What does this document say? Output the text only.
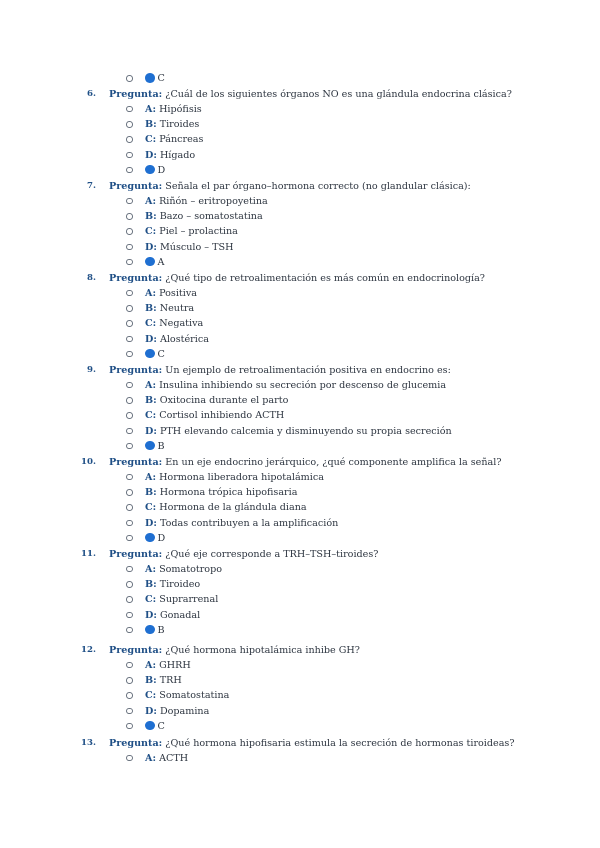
C
6. Pregunta: ¿Cuál de los siguientes órganos NO es una glándula endocrina clásica?
A: Hipófisis
B: Tiroides
C: Páncreas
D: Hígado
D
7. Pregunta: Señala el par órgano–hormona correcto (no glandular clásica):
A: Riñón – eritropoyetina
B: Bazo – somatostatina
C: Piel – prolactina
D: Músculo – TSH
A
8. Pregunta: ¿Qué tipo de retroalimentación es más común en endocrinología?
A: Positiva
B: Neutra
C: Negativa
D: Alostérica
C
9. Pregunta: Un ejemplo de retroalimentación positiva en endocrino es:
A: Insulina inhibiendo su secreción por descenso de glucemia
B: Oxitocina durante el parto
C: Cortisol inhibiendo ACTH
D: PTH elevando calcemia y disminuyendo su propia secreción
B
10. Pregunta: En un eje endocrino jerárquico, ¿qué componente amplifica la señal?
A: Hormona liberadora hipotalámica
B: Hormona trópica hipofisaria
C: Hormona de la glándula diana
D: Todas contribuyen a la amplificación
D
11. Pregunta: ¿Qué eje corresponde a TRH–TSH–tiroides?
A: Somatotropo
B: Tiroideo
C: Suprarrenal
D: Gonadal
B
12. Pregunta: ¿Qué hormona hipotalámica inhibe GH?
A: GHRH
B: TRH
C: Somatostatina
D: Dopamina
C
13. Pregunta: ¿Qué hormona hipofisaria estimula la secreción de hormonas tiroideas?
A: ACTH
